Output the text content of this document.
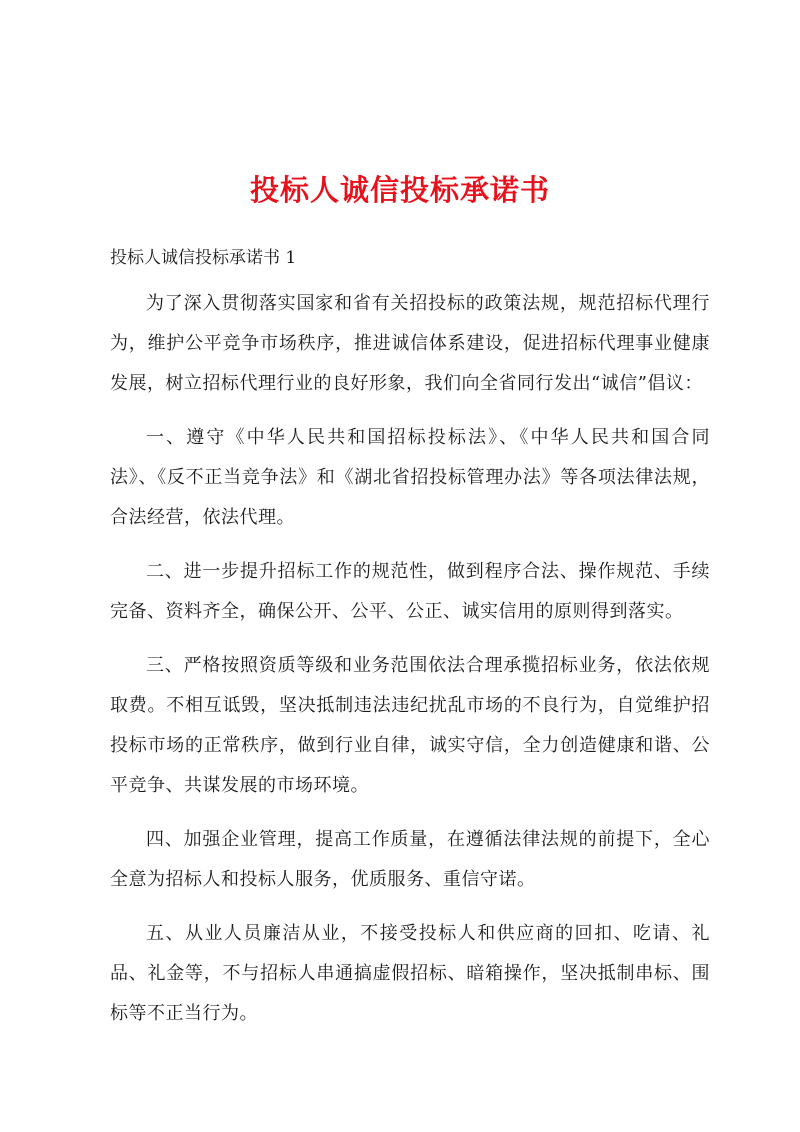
投标人诚信投标承诺书

投标人诚信投标承诺书 1

为了深入贯彻落实国家和省有关招投标的政策法规，规范招标代理行为，维护公平竞争市场秩序，推进诚信体系建设，促进招标代理事业健康发展，树立招标代理行业的良好形象，我们向全省同行发出“诚信”倡议：

一、遵守《中华人民共和国招标投标法》、《中华人民共和国合同法》、《反不正当竞争法》和《湖北省招投标管理办法》等各项法律法规，合法经营，依法代理。

二、进一步提升招标工作的规范性，做到程序合法、操作规范、手续完备、资料齐全，确保公开、公平、公正、诚实信用的原则得到落实。

三、严格按照资质等级和业务范围依法合理承揽招标业务，依法依规取费。不相互诋毁，坚决抵制违法违纪扰乱市场的不良行为，自觉维护招投标市场的正常秩序，做到行业自律，诚实守信，全力创造健康和谐、公平竞争、共谋发展的市场环境。

四、加强企业管理，提高工作质量，在遵循法律法规的前提下，全心全意为招标人和投标人服务，优质服务、重信守诺。

五、从业人员廉洁从业，不接受投标人和供应商的回扣、吃请、礼品、礼金等，不与招标人串通搞虚假招标、暗箱操作，坚决抵制串标、围标等不正当行为。
